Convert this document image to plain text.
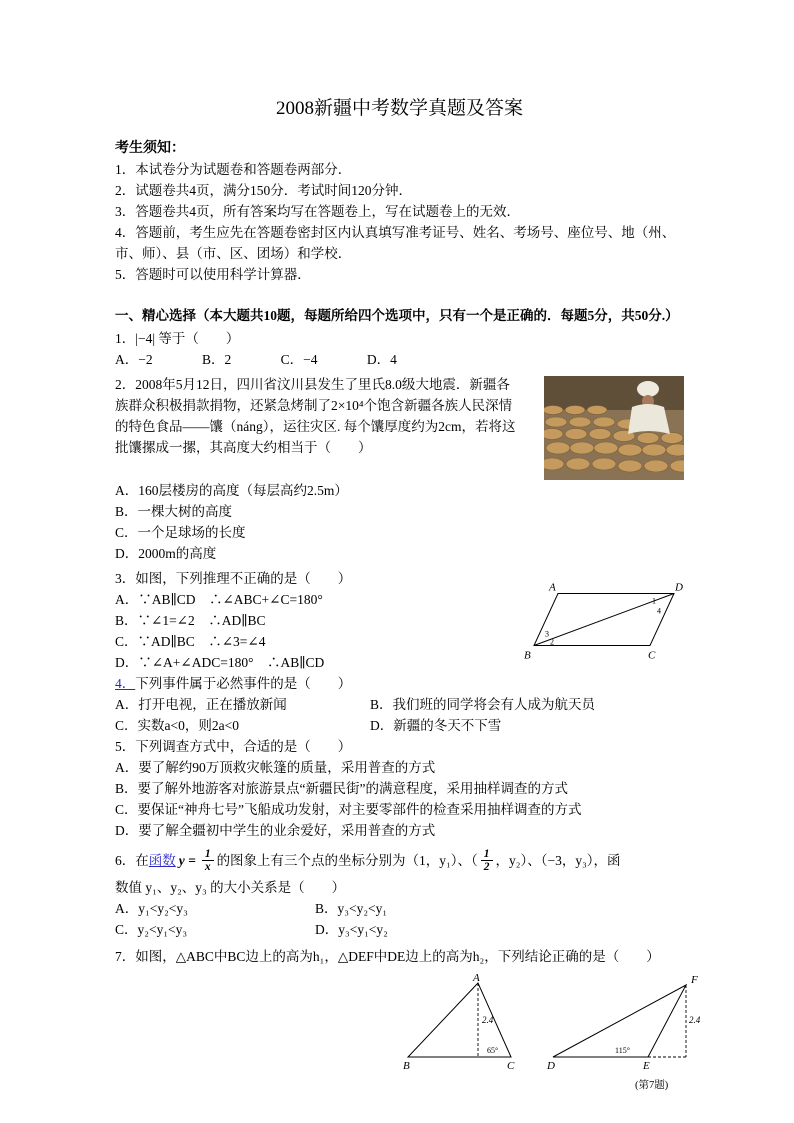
2008新疆中考数学真题及答案
考生须知：
1．本试卷分为试题卷和答题卷两部分．
2．试题卷共4页，满分150分．考试时间120分钟．
3．答题卷共4页，所有答案均写在答题卷上，写在试题卷上的无效．
4．答题前，考生应先在答题卷密封区内认真填写准考证号、姓名、考场号、座位号、地（州、市、师）、县（市、区、团场）和学校．
5．答题时可以使用科学计算器．
一、精心选择（本大题共10题，每题所给四个选项中，只有一个是正确的．每题5分，共50分.）
1．|−4| 等于（　　）
A．−2	B．2	C．−4	D．4
2．2008年5月12日，四川省汶川县发生了里氏8.0级大地震．新疆各族群众积极捐款捐物，还紧急烤制了2×10⁴个饱含新疆各族人民深情的特色食品——馕（náng），运往灾区. 每个馕厚度约为2cm，若将这批馕摞成一摞，其高度大约相当于（　　）
A．160层楼房的高度（每层高约2.5m）
B．一棵大树的高度
C．一个足球场的长度
D．2000m的高度
3．如图，下列推理不正确的是（　　）
A．∵AB∥CD　∴∠ABC+∠C=180°
B．∵∠1=∠2　∴AD∥BC
C．∵AD∥BC　∴∠3=∠4
D．∵∠A+∠ADC=180°　∴AB∥CD
A	D
B	C
1
4
3
2
4．下列事件属于必然事件的是（　　）
A．打开电视，正在播放新闻	B．我们班的同学将会有人成为航天员
C．实数a<0，则2a<0	D．新疆的冬天不下雪
5．下列调查方式中，合适的是（　　）
A．要了解约90万顶救灾帐篷的质量，采用普查的方式
B．要了解外地游客对旅游景点“新疆民街”的满意程度，采用抽样调查的方式
C．要保证“神舟七号”飞船成功发射，对主要零部件的检查采用抽样调查的方式
D．要了解全疆初中学生的业余爱好，采用普查的方式
6．在 函数 $y = \frac{1}{x}$ 的图象上有三个点的坐标分别为（1，y₁）、（ $\frac{1}{2}$ ，y₂）、（−3，y₃），函
数值 y₁、y₂、y₃ 的大小关系是（　　）
A．y₁<y₂<y₃	B．y₃<y₂<y₁
C．y₂<y₁<y₃	D．y₃<y₁<y₂
7．如图，△ABC中BC边上的高为h₁，△DEF中DE边上的高为h₂，下列结论正确的是（　　）
A
B	C
2.4
65°
D	E
F
2.4
115°
(第7题)
